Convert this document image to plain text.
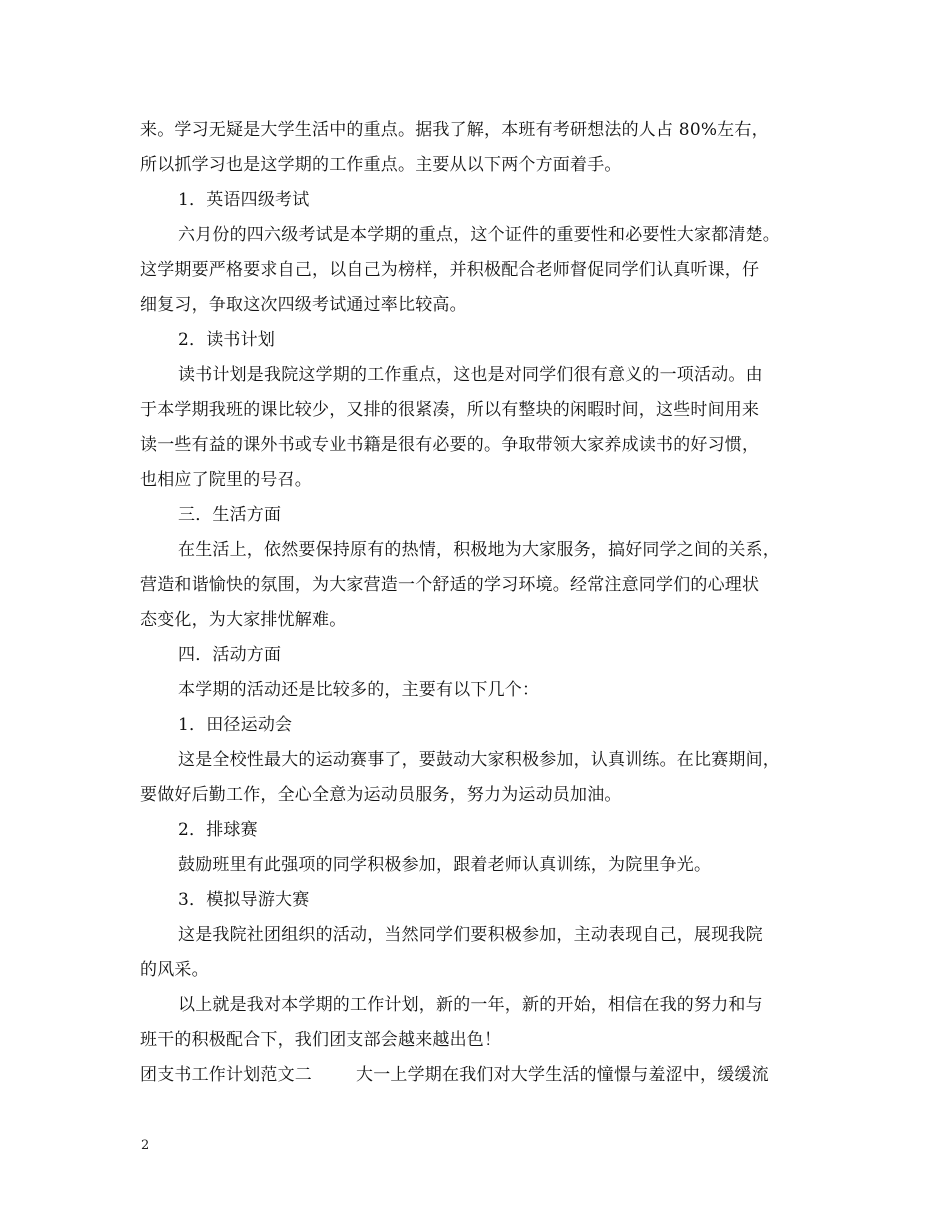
来。学习无疑是大学生活中的重点。据我了解，本班有考研想法的人占 80%左右，
所以抓学习也是这学期的工作重点。主要从以下两个方面着手。
1．英语四级考试
六月份的四六级考试是本学期的重点，这个证件的重要性和必要性大家都清楚。
这学期要严格要求自己，以自己为榜样，并积极配合老师督促同学们认真听课，仔
细复习，争取这次四级考试通过率比较高。
2．读书计划
读书计划是我院这学期的工作重点，这也是对同学们很有意义的一项活动。由
于本学期我班的课比较少，又排的很紧凑，所以有整块的闲暇时间，这些时间用来
读一些有益的课外书或专业书籍是很有必要的。争取带领大家养成读书的好习惯，
也相应了院里的号召。
三．生活方面
在生活上，依然要保持原有的热情，积极地为大家服务，搞好同学之间的关系，
营造和谐愉快的氛围，为大家营造一个舒适的学习环境。经常注意同学们的心理状
态变化，为大家排忧解难。
四．活动方面
本学期的活动还是比较多的，主要有以下几个：
1．田径运动会
这是全校性最大的运动赛事了，要鼓动大家积极参加，认真训练。在比赛期间，
要做好后勤工作，全心全意为运动员服务，努力为运动员加油。
2．排球赛
鼓励班里有此强项的同学积极参加，跟着老师认真训练，为院里争光。
3．模拟导游大赛
这是我院社团组织的活动，当然同学们要积极参加，主动表现自己，展现我院
的风采。
以上就是我对本学期的工作计划，新的一年，新的开始，相信在我的努力和与
班干的积极配合下，我们团支部会越来越出色！
团支书工作计划范文二	大一上学期在我们对大学生活的憧憬与羞涩中，缓缓流
2
